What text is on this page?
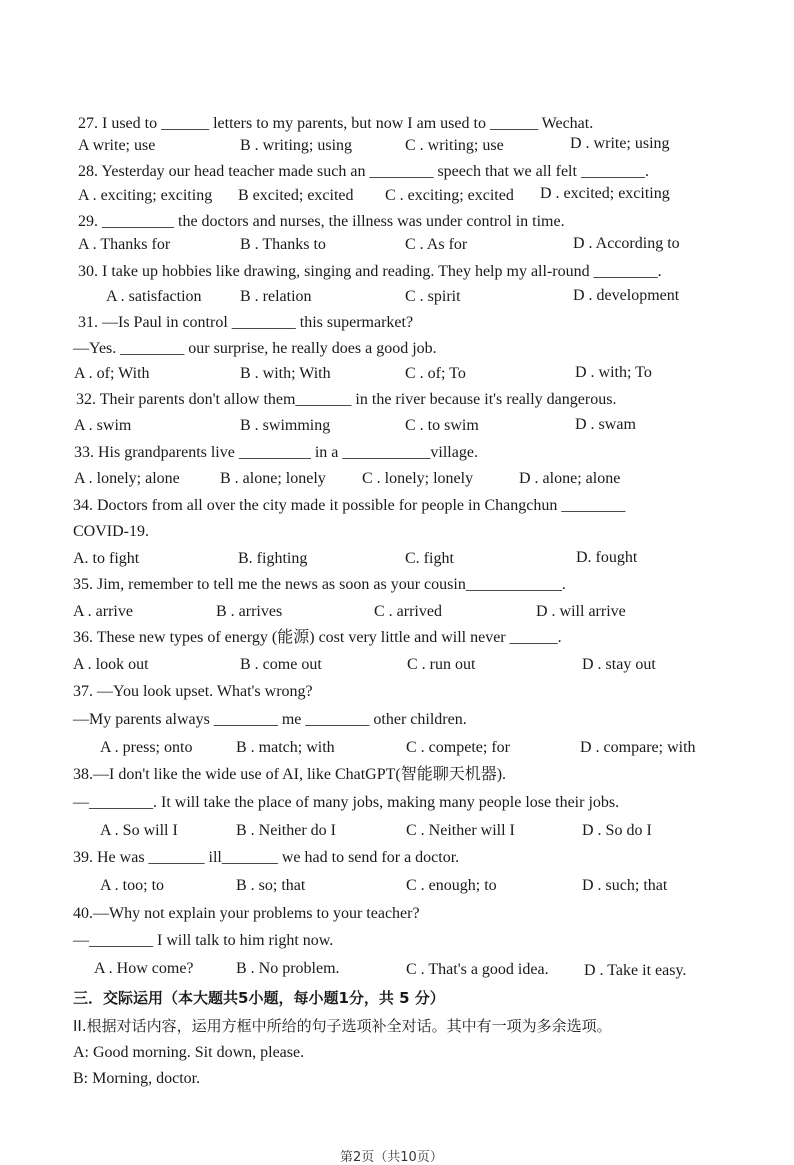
27. I used to ______ letters to my parents, but now I am used to ______ Wechat.
A write; use	B . writing; using	C . writing; use	D . write; using
28. Yesterday our head teacher made such an ________ speech that we all felt ________.
A . exciting; exciting B excited; excited C . exciting; excited D . excited; exciting
29. _________ the doctors and nurses, the illness was under control in time.
A . Thanks for	B . Thanks to	C . As for	D . According to
30. I take up hobbies like drawing, singing and reading. They help my all-round ________.
A . satisfaction B . relation	C . spirit	D . development
31. —Is Paul in control ________ this supermarket?
—Yes. ________ our surprise, he really does a good job.
A . of; With	B . with; With	C . of; To	D . with; To
32. Their parents don't allow them_______ in the river because it's really dangerous.
A . swim	B . swimming	C . to swim	D . swam
33. His grandparents live _________ in a ___________village.
A . lonely; alone	B . alone; lonely C . lonely; lonely	D . alone; alone
34. Doctors from all over the city made it possible for people in Changchun ________
COVID-19.
A. to fight	B. fighting	C. fight	D. fought
35. Jim, remember to tell me the news as soon as your cousin____________.
A . arrive	B . arrives	C . arrived	D . will arrive
36. These new types of energy (能源) cost very little and will never ______.
A . look out	B . come out	C . run out	D . stay out
37. —You look upset. What's wrong?
—My parents always ________ me ________ other children.
A . press; onto	B . match; with	C . compete; for	D . compare; with
38.—I don't like the wide use of AI, like ChatGPT(智能聊天机器).
—________. It will take the place of many jobs, making many people lose their jobs.
A . So will I	B . Neither do I	C . Neither will I	D . So do I
39. He was _______ ill_______ we had to send for a doctor.
A . too; to	B . so; that	C . enough; to	D . such; that
40.—Why not explain your problems to your teacher?
—________ I will talk to him right now.
A . How come?	B . No problem.	C . That's a good idea. D . Take it easy.
三．交际运用（本大题共5小题，每小题1分，共 5 分）
II.根据对话内容，运用方框中所给的句子选项补全对话。其中有一项为多余选项。
A: Good morning. Sit down, please.
B: Morning, doctor.
第2页（共10页）
